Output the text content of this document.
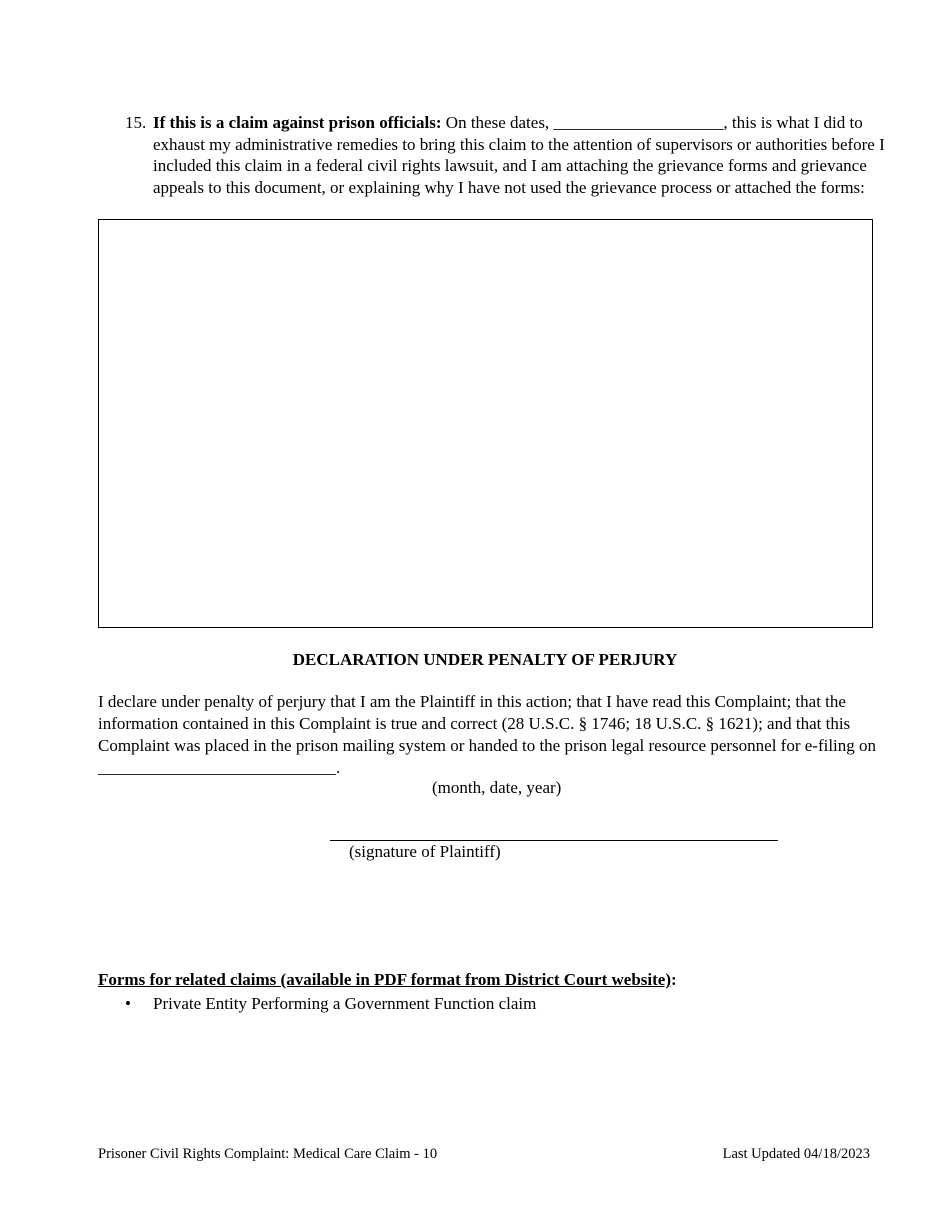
15. If this is a claim against prison officials: On these dates, ____________________, this is what I did to exhaust my administrative remedies to bring this claim to the attention of supervisors or authorities before I included this claim in a federal civil rights lawsuit, and I am attaching the grievance forms and grievance appeals to this document, or explaining why I have not used the grievance process or attached the forms:
DECLARATION UNDER PENALTY OF PERJURY
I declare under penalty of perjury that I am the Plaintiff in this action; that I have read this Complaint; that the information contained in this Complaint is true and correct (28 U.S.C. § 1746; 18 U.S.C. § 1621); and that this Complaint was placed in the prison mailing system or handed to the prison legal resource personnel for e-filing on ____________________________.
(month, date, year)
(signature of Plaintiff)
Forms for related claims (available in PDF format from District Court website):
• Private Entity Performing a Government Function claim
Prisoner Civil Rights Complaint: Medical Care Claim - 10	Last Updated 04/18/2023
